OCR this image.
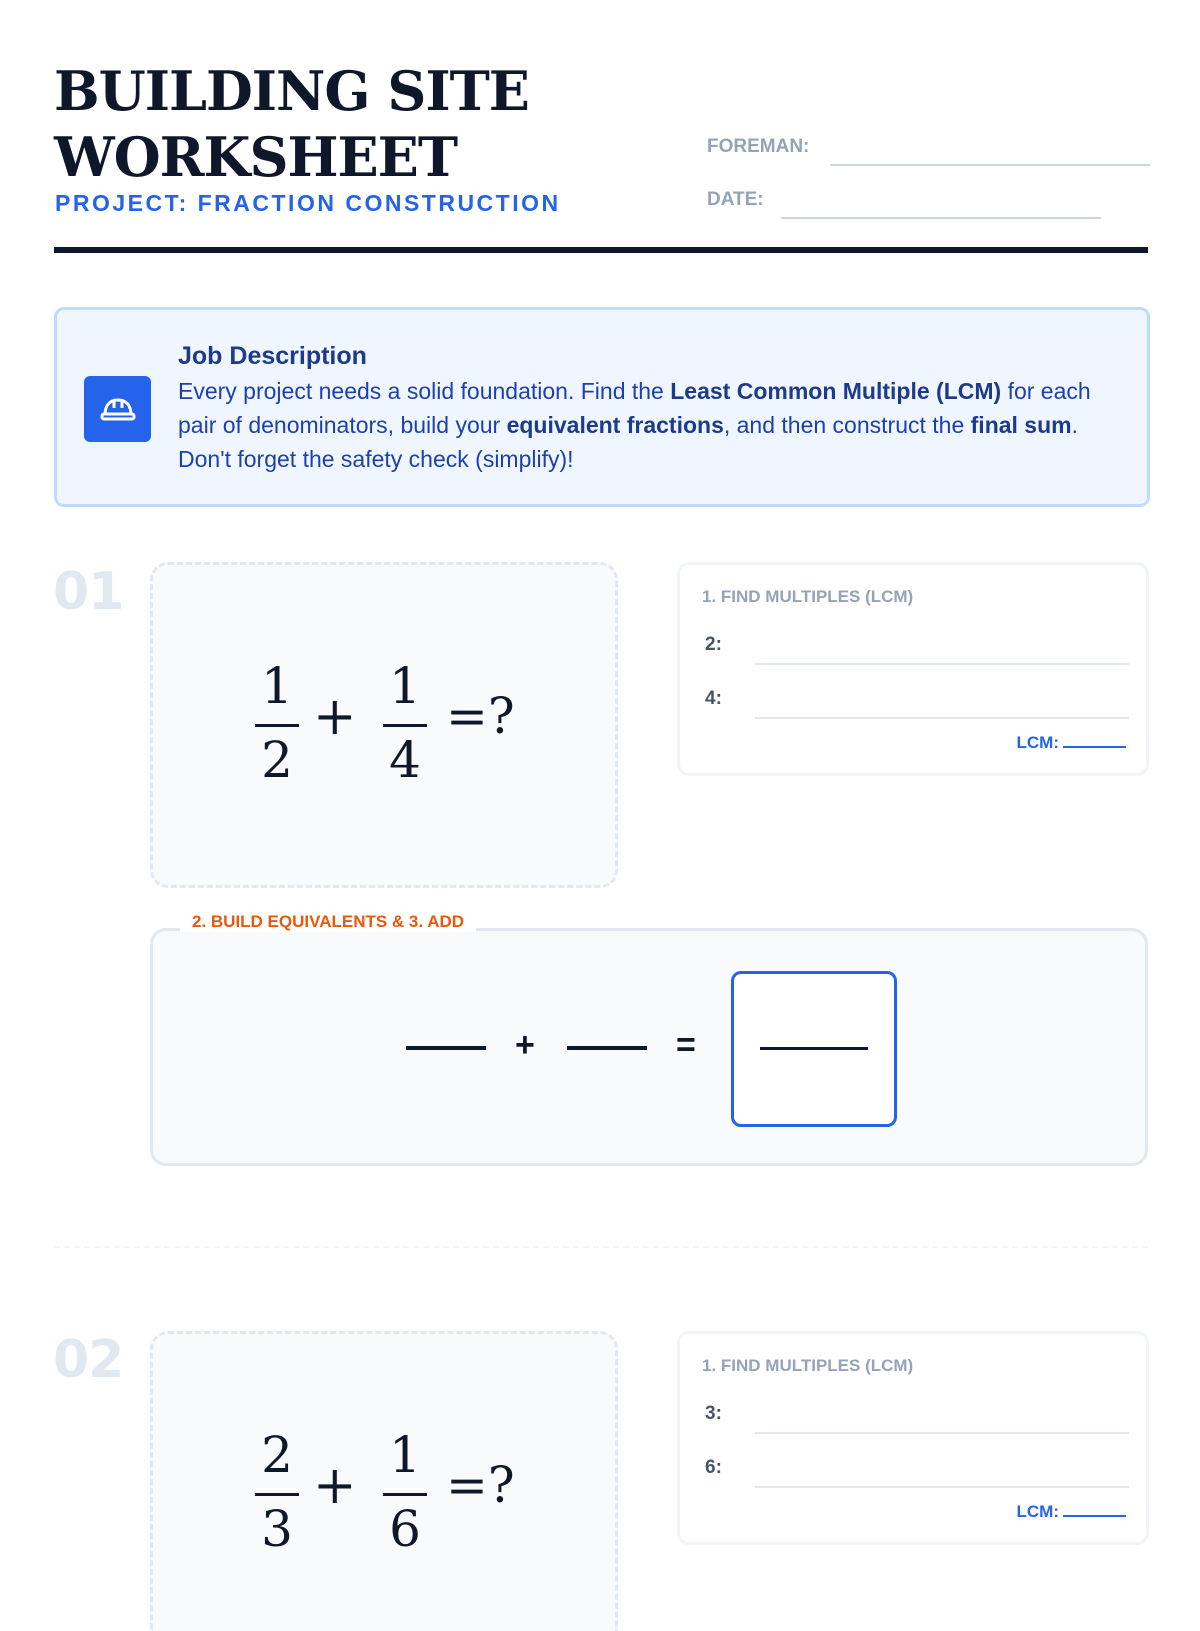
BUILDING SITE
WORKSHEET
PROJECT: FRACTION CONSTRUCTION
FOREMAN:
DATE:
Job Description
Every project needs a solid foundation. Find the Least Common Multiple (LCM) for each pair of denominators, build your equivalent fractions, and then construct the final sum. Don't forget the safety check (simplify)!
01
1
2
+
1
4
=?
1. FIND MULTIPLES (LCM)
2:
4:
LCM:
+	=
2. BUILD EQUIVALENTS & 3. ADD
02
2
3
+
1
6
=?
1. FIND MULTIPLES (LCM)
3:
6:
LCM:
